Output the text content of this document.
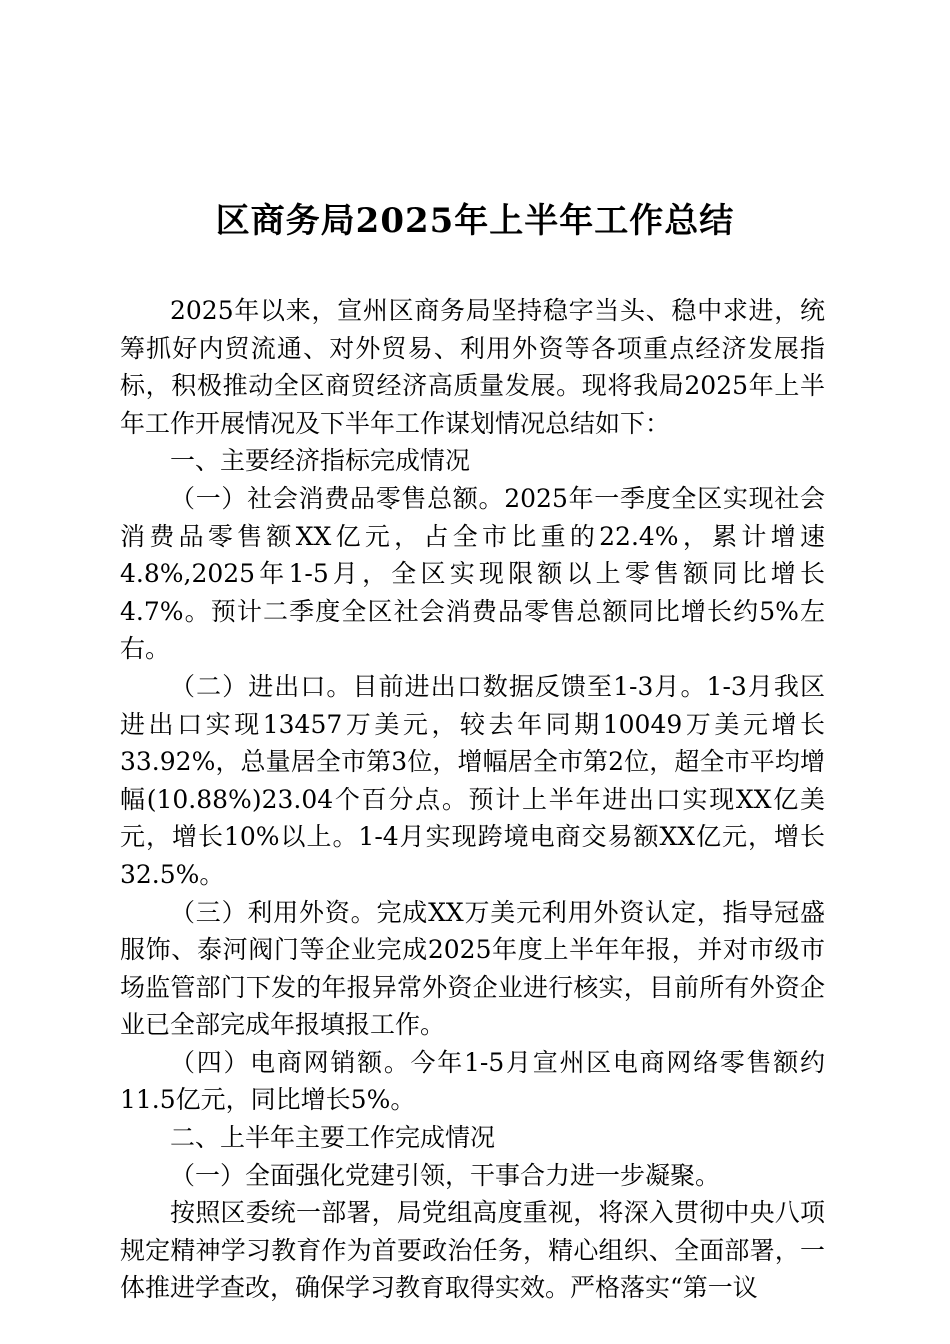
区商务局2025年上半年工作总结

2025年以来，宣州区商务局坚持稳字当头、稳中求进，统筹抓好内贸流通、对外贸易、利用外资等各项重点经济发展指标，积极推动全区商贸经济高质量发展。现将我局2025年上半年工作开展情况及下半年工作谋划情况总结如下：

一、主要经济指标完成情况

（一）社会消费品零售总额。2025年一季度全区实现社会消费品零售额XX亿元，占全市比重的22.4%，累计增速4.8%,2025年1-5月，全区实现限额以上零售额同比增长4.7%。预计二季度全区社会消费品零售总额同比增长约5%左右。

（二）进出口。目前进出口数据反馈至1-3月。1-3月我区进出口实现13457万美元，较去年同期10049万美元增长33.92%，总量居全市第3位，增幅居全市第2位，超全市平均增幅(10.88%)23.04个百分点。预计上半年进出口实现XX亿美元，增长10%以上。1-4月实现跨境电商交易额XX亿元，增长32.5%。

（三）利用外资。完成XX万美元利用外资认定，指导冠盛服饰、泰河阀门等企业完成2025年度上半年年报，并对市级市场监管部门下发的年报异常外资企业进行核实，目前所有外资企业已全部完成年报填报工作。

（四）电商网销额。今年1-5月宣州区电商网络零售额约11.5亿元，同比增长5%。

二、上半年主要工作完成情况

（一）全面强化党建引领，干事合力进一步凝聚。

按照区委统一部署，局党组高度重视，将深入贯彻中央八项规定精神学习教育作为首要政治任务，精心组织、全面部署，一体推进学查改，确保学习教育取得实效。严格落实“第一议
